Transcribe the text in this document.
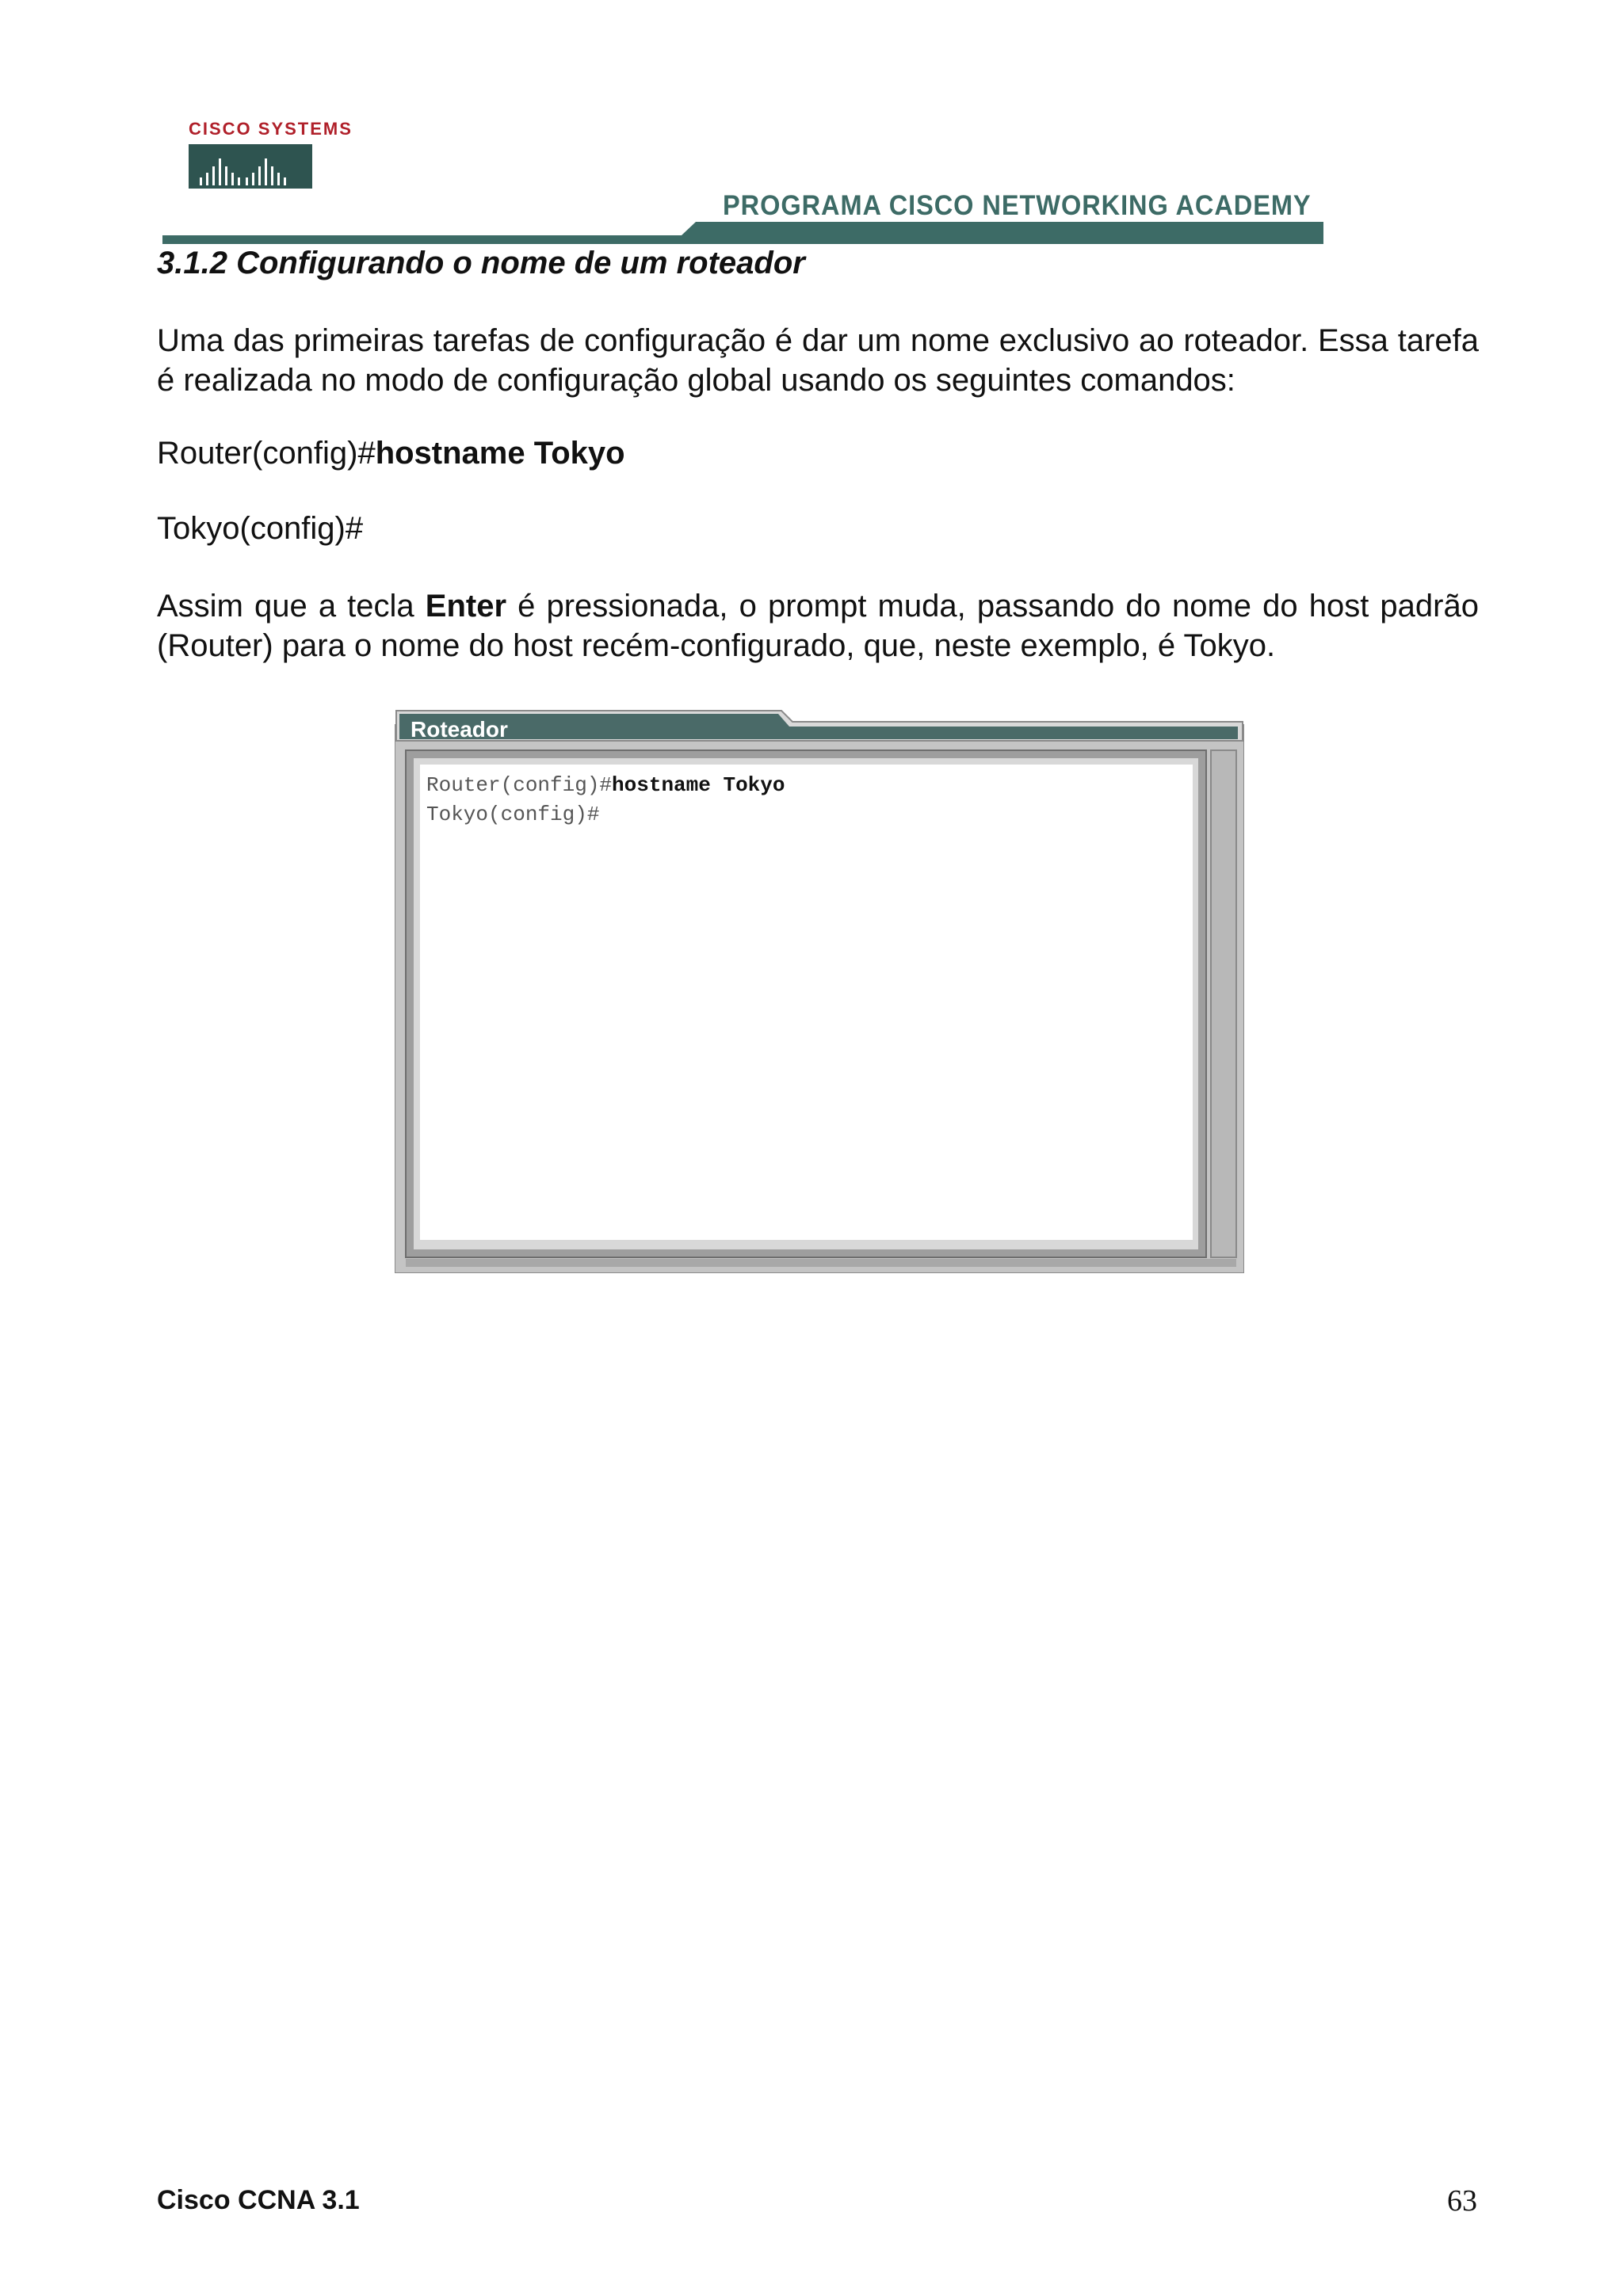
CISCO SYSTEMS
PROGRAMA CISCO NETWORKING ACADEMY
3.1.2 Configurando o nome de um roteador
Uma das primeiras tarefas de configuração é dar um nome exclusivo ao roteador. Essa tarefa é realizada no modo de configuração global usando os seguintes comandos:
Router(config)#hostname Tokyo
Tokyo(config)#
Assim que a tecla Enter é pressionada, o prompt muda, passando do nome do host padrão (Router) para o nome do host recém-configurado, que, neste exemplo, é Tokyo.
Roteador
Router(config)#hostname Tokyo
Tokyo(config)#
Cisco CCNA 3.1	63
